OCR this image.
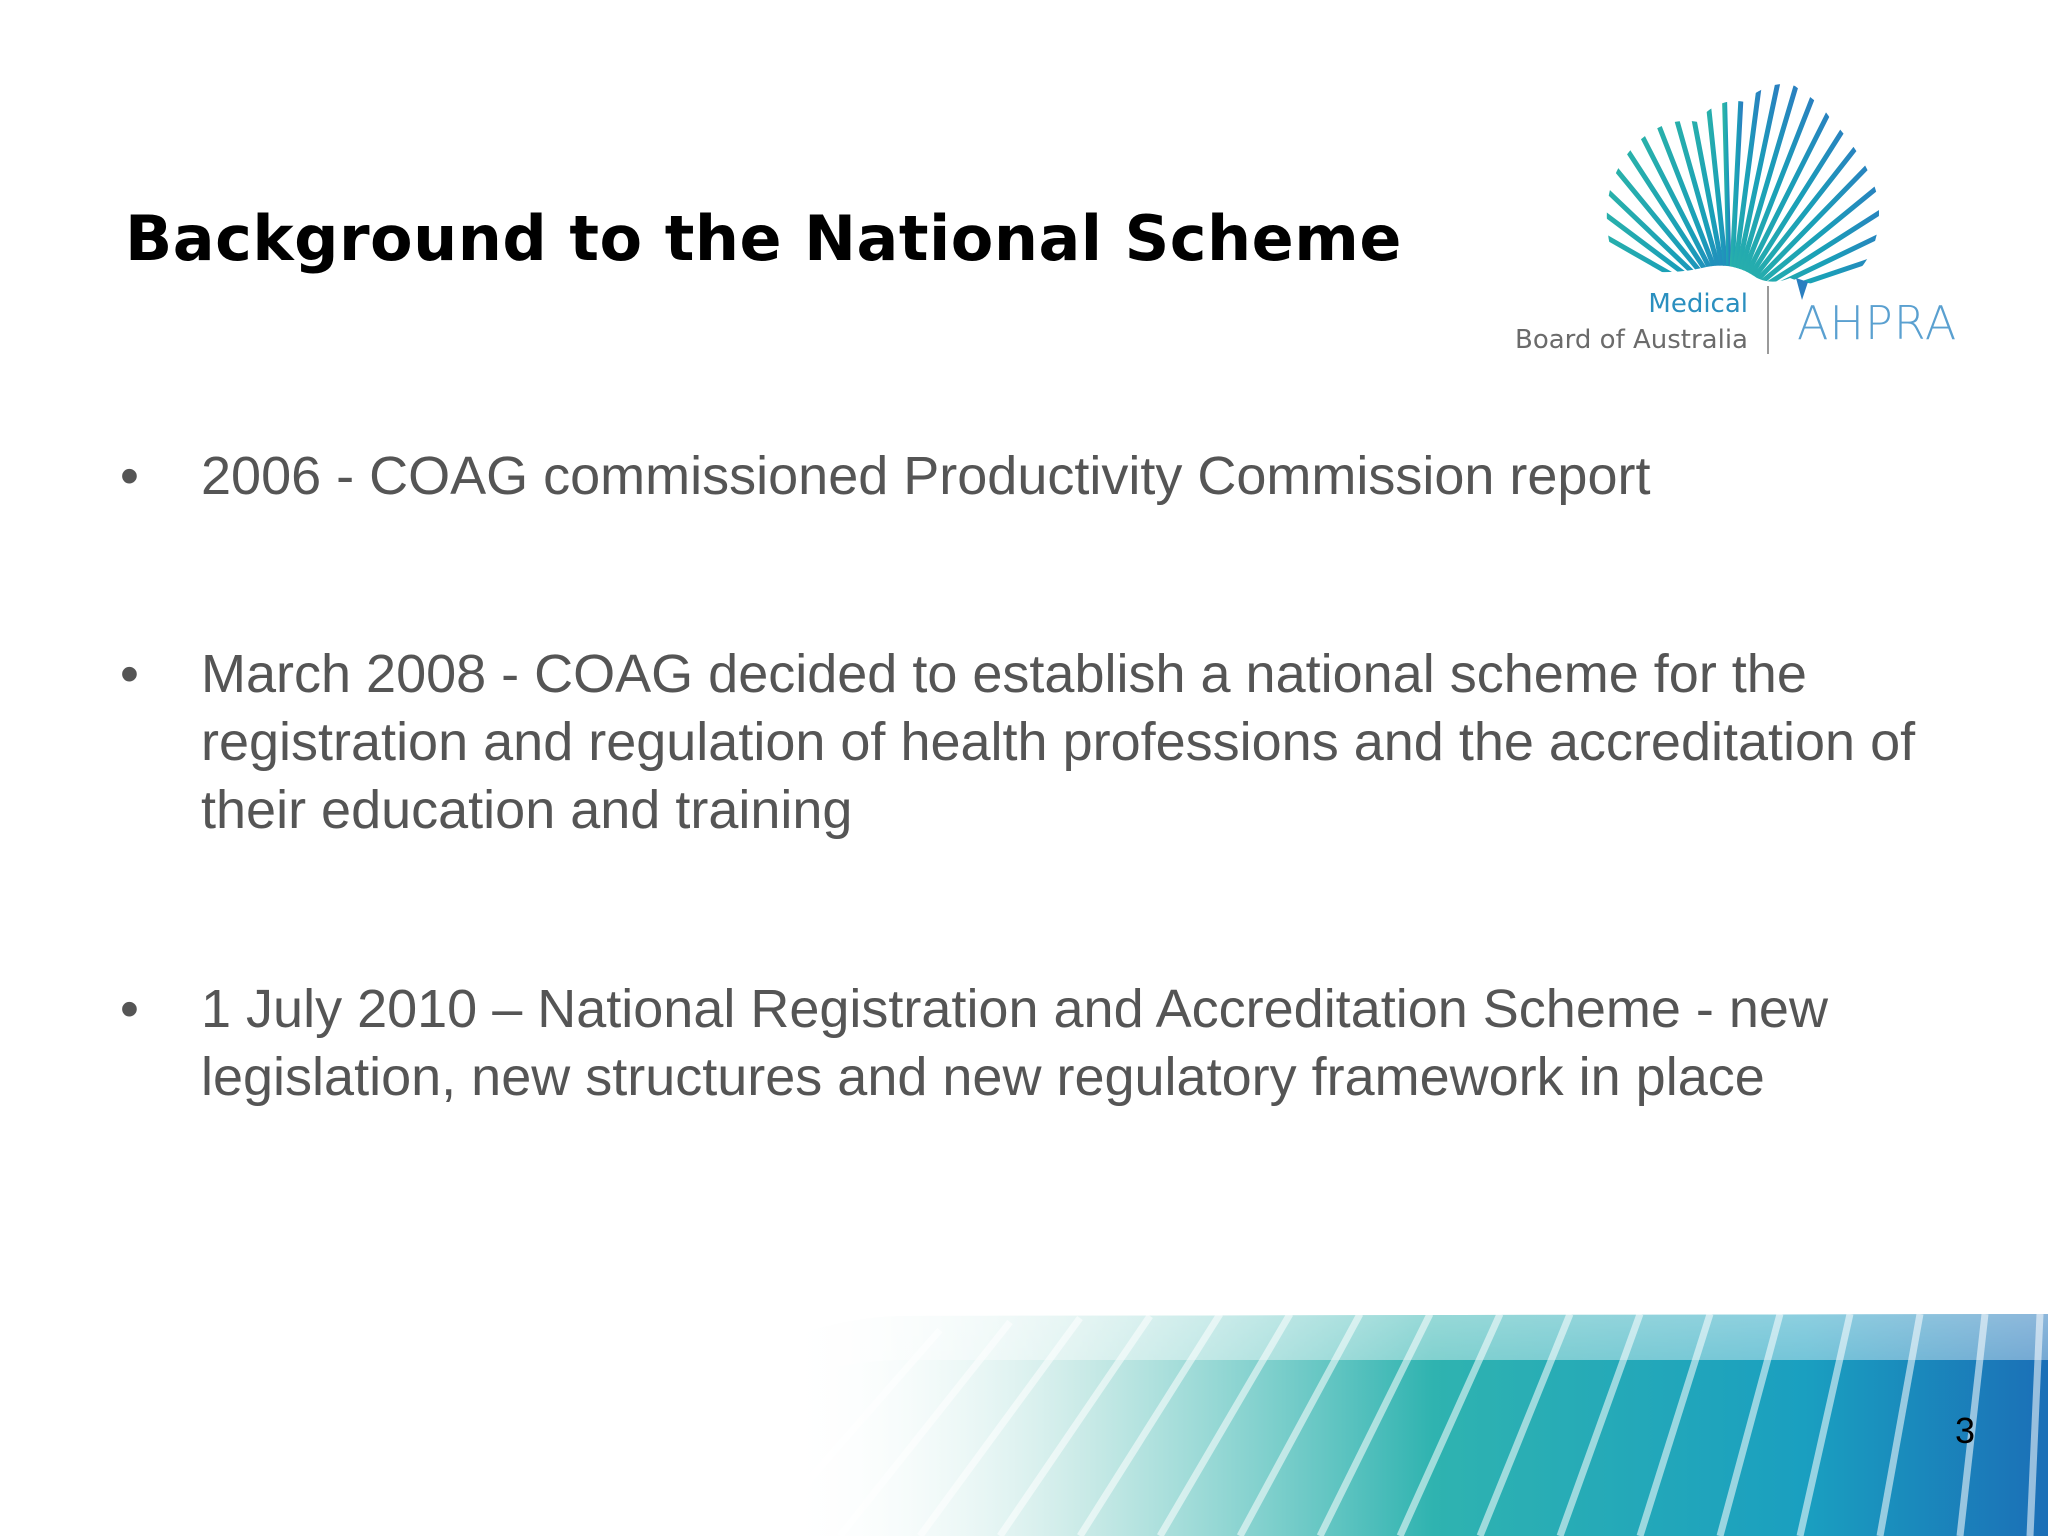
Background to the National Scheme
Medical
Board of Australia AHPRA
•	2006 - COAG commissioned Productivity Commission report
•	March 2008 - COAG decided to establish a national scheme for the registration and regulation of health professions and the accreditation of their education and training
•	1 July 2010 – National Registration and Accreditation Scheme - new legislation, new structures and new regulatory framework in place
3
